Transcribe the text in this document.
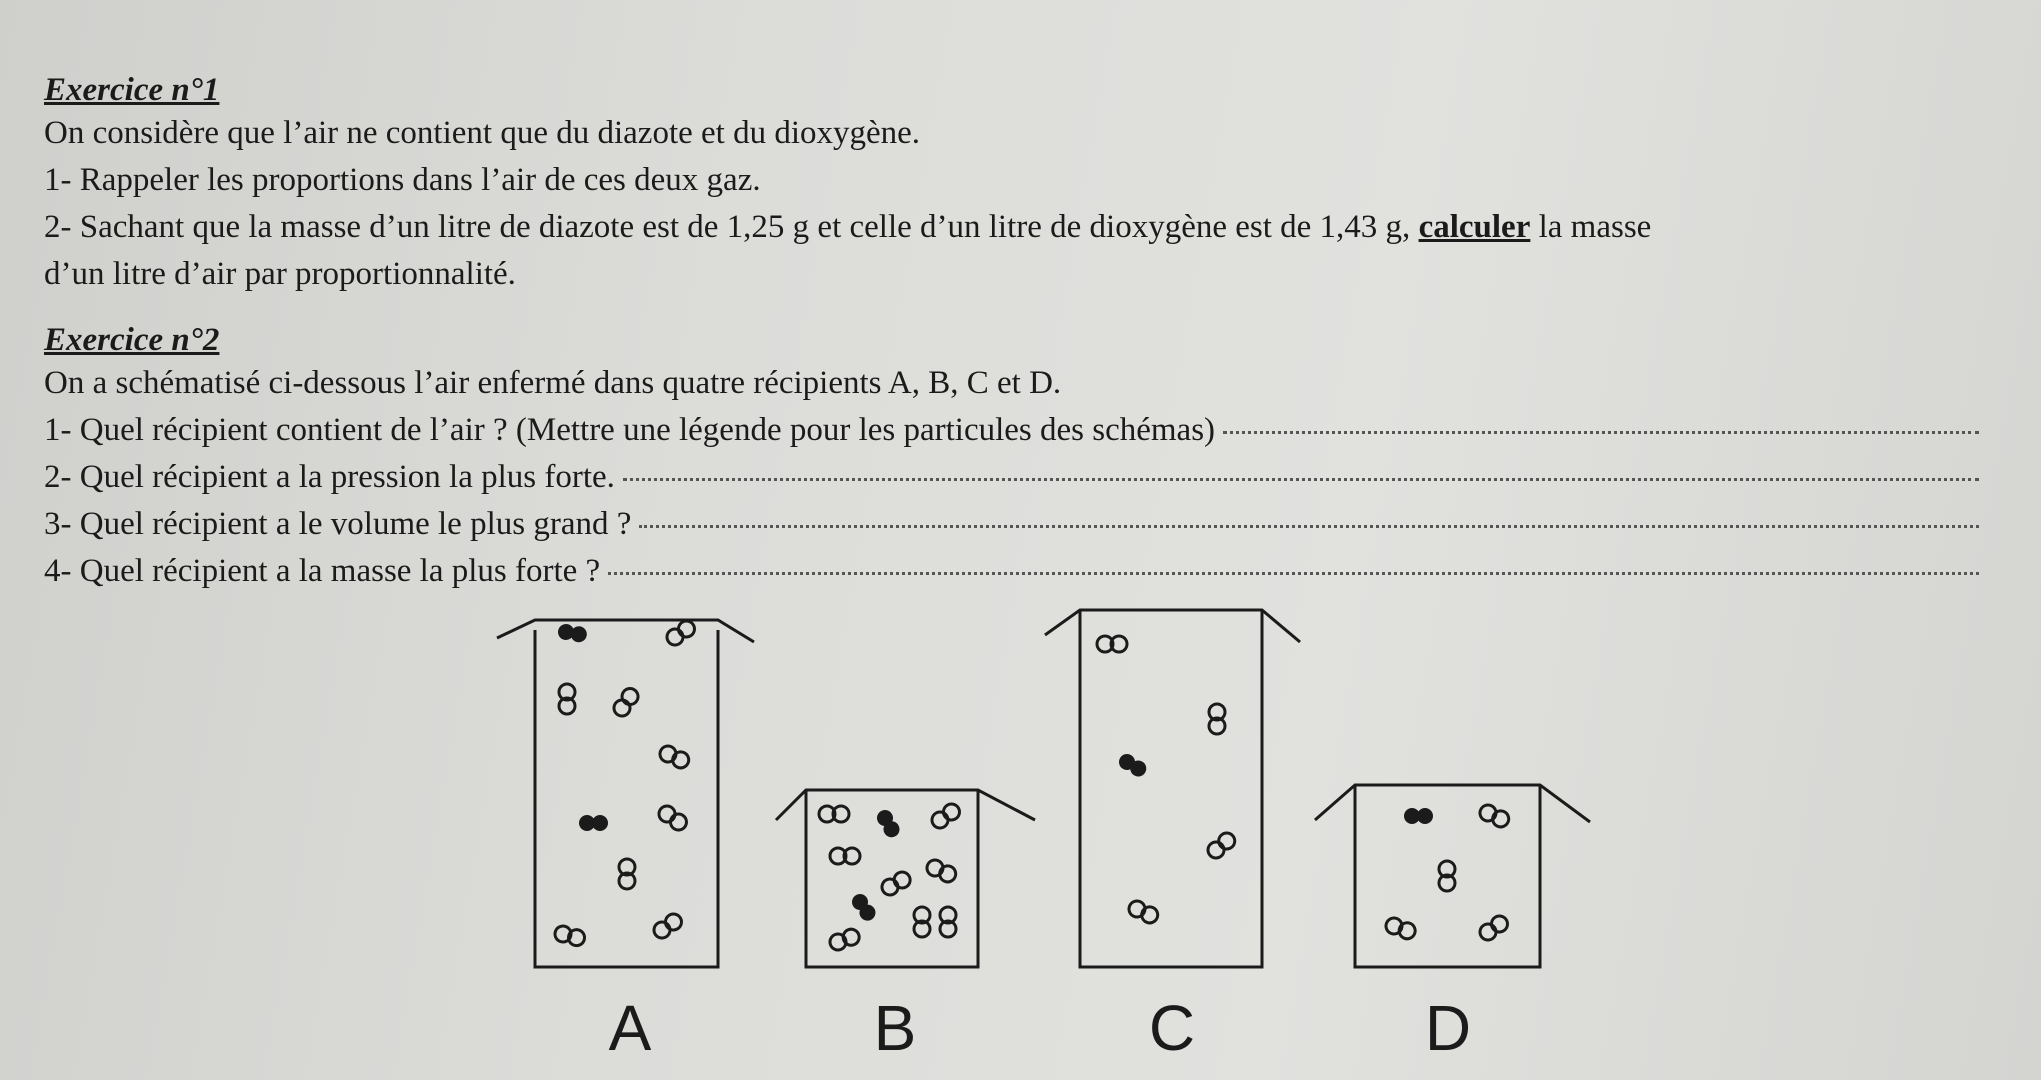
Exercice n°1
On considère que l’air ne contient que du diazote et du dioxygène.
1- Rappeler les proportions dans l’air de ces deux gaz.
2- Sachant que la masse d’un litre de diazote est de 1,25 g et celle d’un litre de dioxygène est de 1,43 g, calculer la masse
d’un litre d’air par proportionnalité.
Exercice n°2
On a schématisé ci-dessous l’air enfermé dans quatre récipients A, B, C et D.
1- Quel récipient contient de l’air ? (Mettre une légende pour les particules des schémas)
2- Quel récipient a la pression la plus forte.
3- Quel récipient a le volume le plus grand ?
4- Quel récipient a la masse la plus forte ?
A	B	C	D
